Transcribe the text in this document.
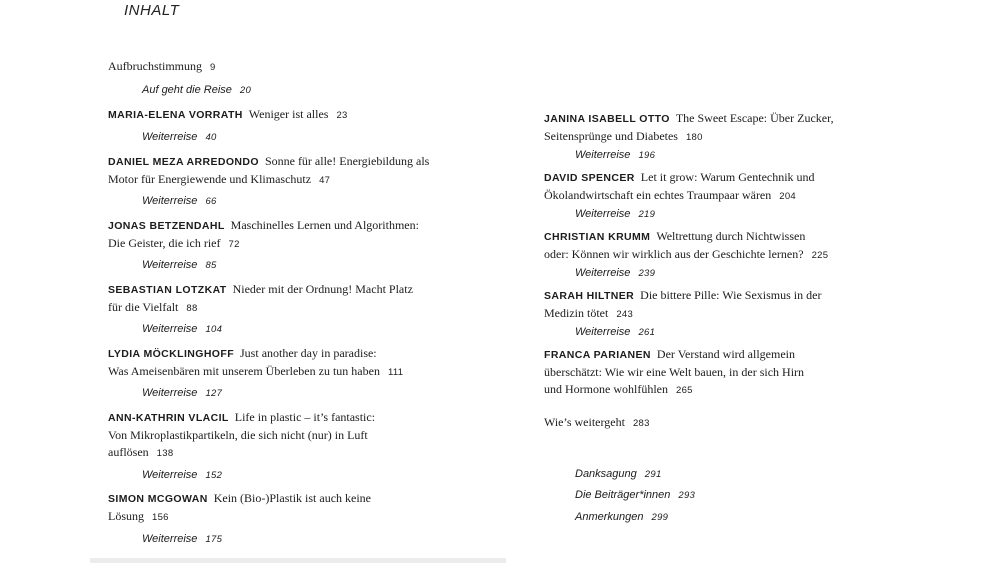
INHALT
Aufbruchstimmung 9
Auf geht die Reise 20
MARIA-ELENA VORRATH Weniger ist alles 23
Weiterreise 40
DANIEL MEZA ARREDONDO Sonne für alle! Energiebildung als
Motor für Energiewende und Klimaschutz 47
Weiterreise 66
JONAS BETZENDAHL Maschinelles Lernen und Algorithmen:
Die Geister, die ich rief 72
Weiterreise 85
SEBASTIAN LOTZKAT Nieder mit der Ordnung! Macht Platz
für die Vielfalt 88
Weiterreise 104
LYDIA MÖCKLINGHOFF Just another day in paradise:
Was Ameisenbären mit unserem Überleben zu tun haben 111
Weiterreise 127
ANN-KATHRIN VLACIL Life in plastic – it’s fantastic:
Von Mikroplastikpartikeln, die sich nicht (nur) in Luft
auflösen 138
Weiterreise 152
SIMON MCGOWAN Kein (Bio-)Plastik ist auch keine
Lösung 156
Weiterreise 175
JANINA ISABELL OTTO The Sweet Escape: Über Zucker,
Seitensprünge und Diabetes 180
Weiterreise 196
DAVID SPENCER Let it grow: Warum Gentechnik und
Ökolandwirtschaft ein echtes Traumpaar wären 204
Weiterreise 219
CHRISTIAN KRUMM Weltrettung durch Nichtwissen
oder: Können wir wirklich aus der Geschichte lernen? 225
Weiterreise 239
SARAH HILTNER Die bittere Pille: Wie Sexismus in der
Medizin tötet 243
Weiterreise 261
FRANCA PARIANEN Der Verstand wird allgemein
überschätzt: Wie wir eine Welt bauen, in der sich Hirn
und Hormone wohlfühlen 265
Wie’s weitergeht 283
Danksagung 291
Die Beiträger*innen 293
Anmerkungen 299
